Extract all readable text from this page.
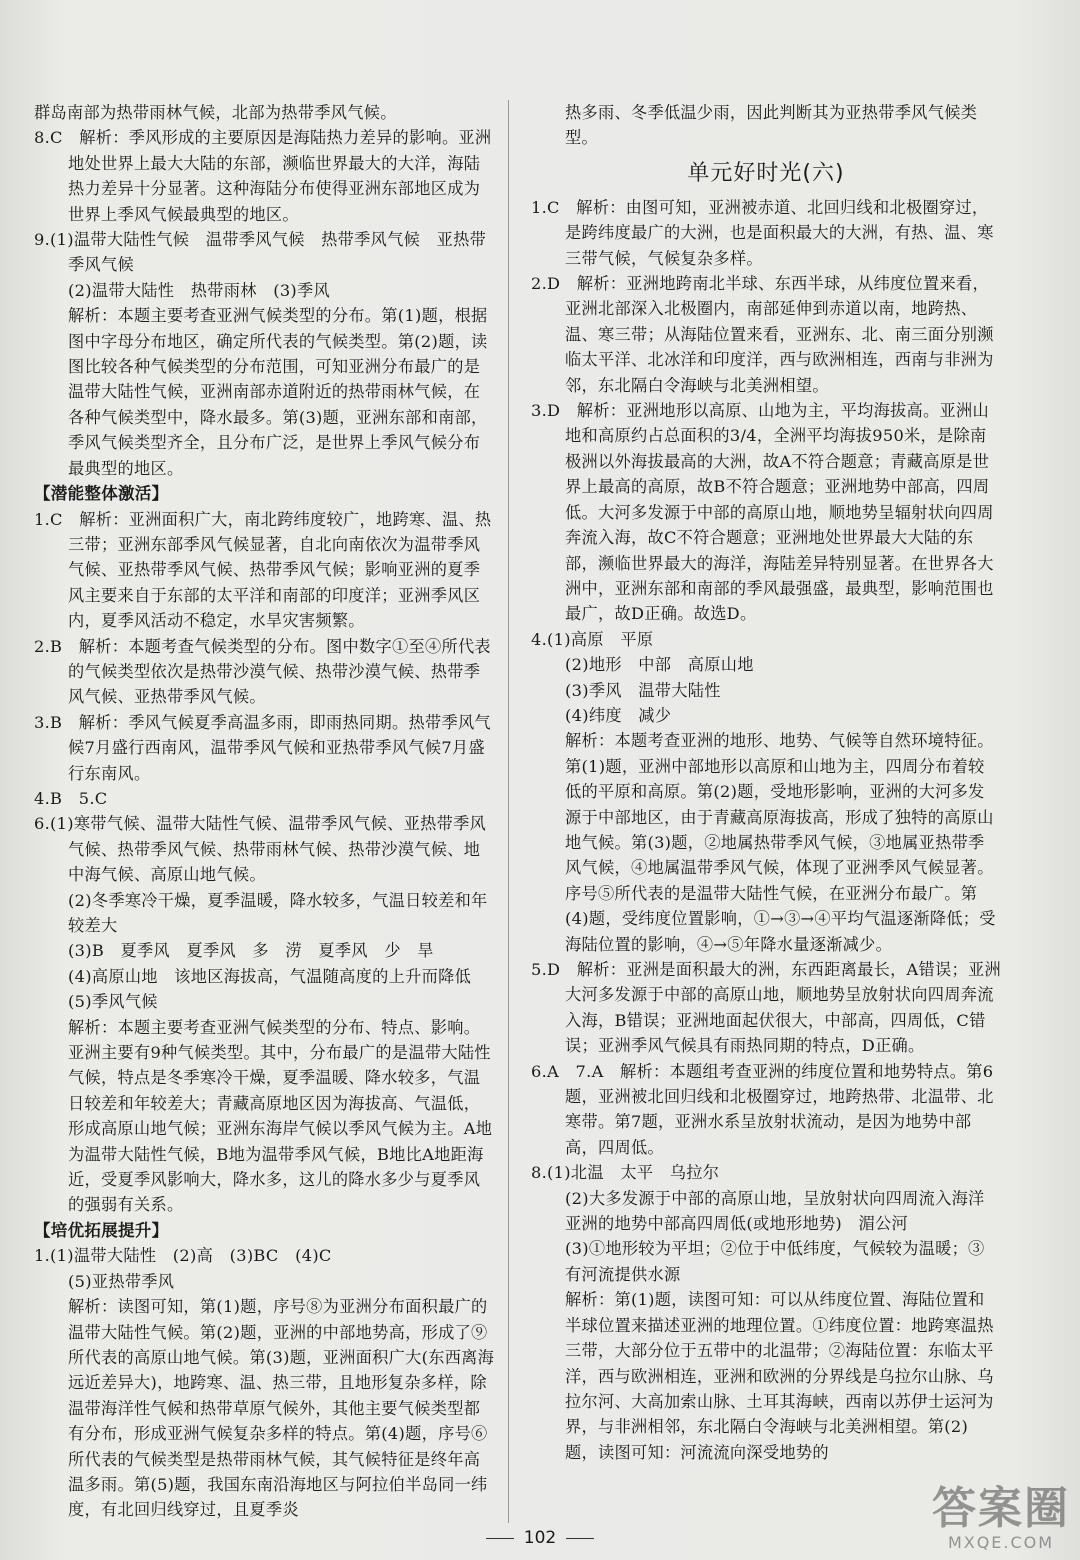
群岛南部为热带雨林气候，北部为热带季风气候。
8.C　解析：季风形成的主要原因是海陆热力差异的影响。亚洲地处世界上最大大陆的东部，濒临世界最大的大洋，海陆热力差异十分显著。这种海陆分布使得亚洲东部地区成为世界上季风气候最典型的地区。
9.(1)温带大陆性气候　温带季风气候　热带季风气候　亚热带季风气候
(2)温带大陆性　热带雨林　(3)季风
解析：本题主要考查亚洲气候类型的分布。第(1)题，根据图中字母分布地区，确定所代表的气候类型。第(2)题，读图比较各种气候类型的分布范围，可知亚洲分布最广的是温带大陆性气候，亚洲南部赤道附近的热带雨林气候，在各种气候类型中，降水最多。第(3)题，亚洲东部和南部，季风气候类型齐全，且分布广泛，是世界上季风气候分布最典型的地区。
【潜能整体激活】
1.C　解析：亚洲面积广大，南北跨纬度较广，地跨寒、温、热三带；亚洲东部季风气候显著，自北向南依次为温带季风气候、亚热带季风气候、热带季风气候；影响亚洲的夏季风主要来自于东部的太平洋和南部的印度洋；亚洲季风区内，夏季风活动不稳定，水旱灾害频繁。
2.B　解析：本题考查气候类型的分布。图中数字①至④所代表的气候类型依次是热带沙漠气候、热带沙漠气候、热带季风气候、亚热带季风气候。
3.B　解析：季风气候夏季高温多雨，即雨热同期。热带季风气候7月盛行西南风，温带季风气候和亚热带季风气候7月盛行东南风。
4.B　5.C
6.(1)寒带气候、温带大陆性气候、温带季风气候、亚热带季风气候、热带季风气候、热带雨林气候、热带沙漠气候、地中海气候、高原山地气候。
(2)冬季寒冷干燥，夏季温暖，降水较多，气温日较差和年较差大
(3)B　夏季风　夏季风　多　涝　夏季风　少　旱
(4)高原山地　该地区海拔高，气温随高度的上升而降低
(5)季风气候
解析：本题主要考查亚洲气候类型的分布、特点、影响。亚洲主要有9种气候类型。其中，分布最广的是温带大陆性气候，特点是冬季寒冷干燥，夏季温暖、降水较多，气温日较差和年较差大；青藏高原地区因为海拔高、气温低，形成高原山地气候；亚洲东海岸气候以季风气候为主。A地为温带大陆性气候，B地为温带季风气候，B地比A地距海近，受夏季风影响大，降水多，这儿的降水多少与夏季风的强弱有关系。
【培优拓展提升】
1.(1)温带大陆性　(2)高　(3)BC　(4)C
(5)亚热带季风
解析：读图可知，第(1)题，序号⑧为亚洲分布面积最广的温带大陆性气候。第(2)题，亚洲的中部地势高，形成了⑨所代表的高原山地气候。第(3)题，亚洲面积广大(东西离海远近差异大)，地跨寒、温、热三带，且地形复杂多样，除温带海洋性气候和热带草原气候外，其他主要气候类型都有分布，形成亚洲气候复杂多样的特点。第(4)题，序号⑥所代表的气候类型是热带雨林气候，其气候特征是终年高温多雨。第(5)题，我国东南沿海地区与阿拉伯半岛同一纬度，有北回归线穿过，且夏季炎
热多雨、冬季低温少雨，因此判断其为亚热带季风气候类型。
单元好时光(六)
1.C　解析：由图可知，亚洲被赤道、北回归线和北极圈穿过，是跨纬度最广的大洲，也是面积最大的大洲，有热、温、寒三带气候，气候复杂多样。
2.D　解析：亚洲地跨南北半球、东西半球，从纬度位置来看，亚洲北部深入北极圈内，南部延伸到赤道以南，地跨热、温、寒三带；从海陆位置来看，亚洲东、北、南三面分别濒临太平洋、北冰洋和印度洋，西与欧洲相连，西南与非洲为邻，东北隔白令海峡与北美洲相望。
3.D　解析：亚洲地形以高原、山地为主，平均海拔高。亚洲山地和高原约占总面积的3/4，全洲平均海拔950米，是除南极洲以外海拔最高的大洲，故A不符合题意；青藏高原是世界上最高的高原，故B不符合题意；亚洲地势中部高，四周低。大河多发源于中部的高原山地，顺地势呈辐射状向四周奔流入海，故C不符合题意；亚洲地处世界最大大陆的东部，濒临世界最大的海洋，海陆差异特别显著。在世界各大洲中，亚洲东部和南部的季风最强盛，最典型，影响范围也最广，故D正确。故选D。
4.(1)高原　平原
(2)地形　中部　高原山地
(3)季风　温带大陆性
(4)纬度　减少
解析：本题考查亚洲的地形、地势、气候等自然环境特征。第(1)题，亚洲中部地形以高原和山地为主，四周分布着较低的平原和高原。第(2)题，受地形影响，亚洲的大河多发源于中部地区，由于青藏高原海拔高，形成了独特的高原山地气候。第(3)题，②地属热带季风气候，③地属亚热带季风气候，④地属温带季风气候，体现了亚洲季风气候显著。序号⑤所代表的是温带大陆性气候，在亚洲分布最广。第(4)题，受纬度位置影响，①→③→④平均气温逐渐降低；受海陆位置的影响，④→⑤年降水量逐渐减少。
5.D　解析：亚洲是面积最大的洲，东西距离最长，A错误；亚洲大河多发源于中部的高原山地，顺地势呈放射状向四周奔流入海，B错误；亚洲地面起伏很大，中部高，四周低，C错误；亚洲季风气候具有雨热同期的特点，D正确。
6.A　7.A　解析：本题组考查亚洲的纬度位置和地势特点。第6题，亚洲被北回归线和北极圈穿过，地跨热带、北温带、北寒带。第7题，亚洲水系呈放射状流动，是因为地势中部高，四周低。
8.(1)北温　太平　乌拉尔
(2)大多发源于中部的高原山地，呈放射状向四周流入海洋　亚洲的地势中部高四周低(或地形地势)　湄公河
(3)①地形较为平坦；②位于中低纬度，气候较为温暖；③有河流提供水源
解析：第(1)题，读图可知：可以从纬度位置、海陆位置和半球位置来描述亚洲的地理位置。①纬度位置：地跨寒温热三带，大部分位于五带中的北温带；②海陆位置：东临太平洋，西与欧洲相连，亚洲和欧洲的分界线是乌拉尔山脉、乌拉尔河、大高加索山脉、土耳其海峡，西南以苏伊士运河为界，与非洲相邻，东北隔白令海峡与北美洲相望。第(2)题，读图可知：河流流向深受地势的
102
答案圈
MXQE.COM
